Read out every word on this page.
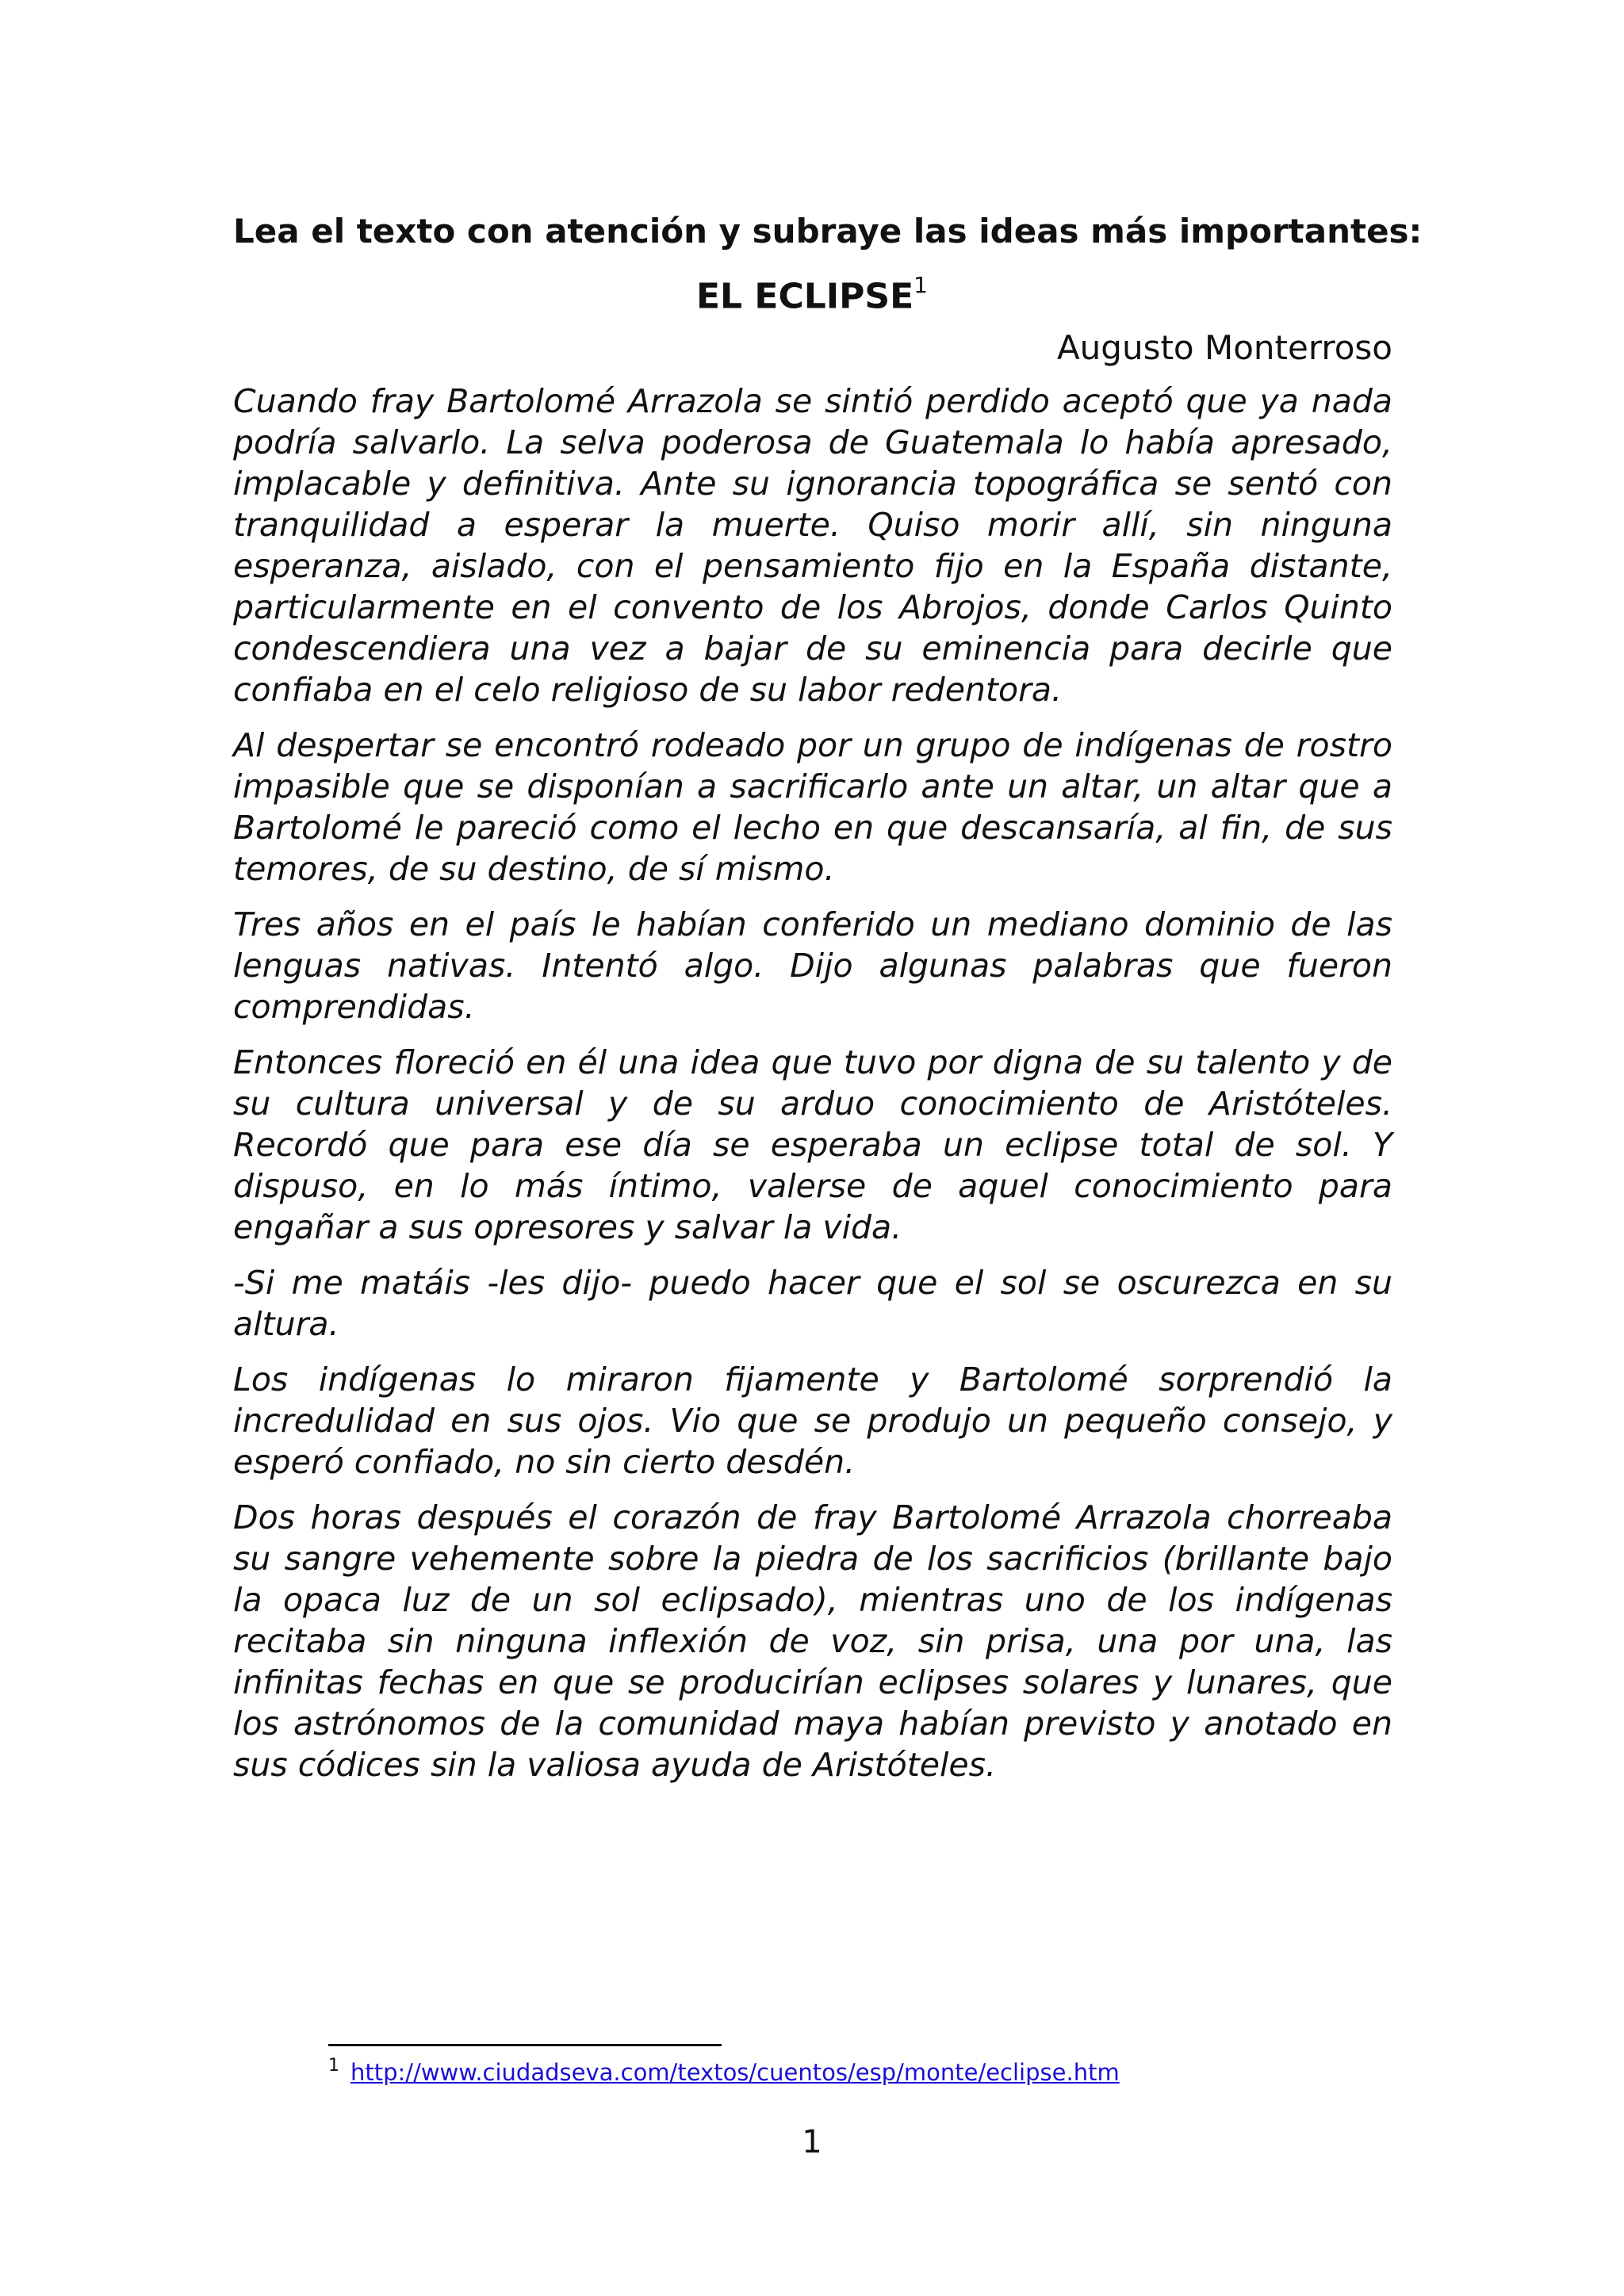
Lea el texto con atención y subraye las ideas más importantes:
EL ECLIPSE$^1$
Augusto Monterroso

Cuando fray Bartolomé Arrazola se sintió perdido aceptó que ya nada podría salvarlo. La selva poderosa de Guatemala lo había apresado, implacable y definitiva. Ante su ignorancia topográfica se sentó con tranquilidad a esperar la muerte. Quiso morir allí, sin ninguna esperanza, aislado, con el pensamiento fijo en la España distante, particularmente en el convento de los Abrojos, donde Carlos Quinto condescendiera una vez a bajar de su eminencia para decirle que confiaba en el celo religioso de su labor redentora.

Al despertar se encontró rodeado por un grupo de indígenas de rostro impasible que se disponían a sacrificarlo ante un altar, un altar que a Bartolomé le pareció como el lecho en que descansaría, al fin, de sus temores, de su destino, de sí mismo.

Tres años en el país le habían conferido un mediano dominio de las lenguas nativas. Intentó algo. Dijo algunas palabras que fueron comprendidas.

Entonces floreció en él una idea que tuvo por digna de su talento y de su cultura universal y de su arduo conocimiento de Aristóteles. Recordó que para ese día se esperaba un eclipse total de sol. Y dispuso, en lo más íntimo, valerse de aquel conocimiento para engañar a sus opresores y salvar la vida.

-Si me matáis -les dijo- puedo hacer que el sol se oscurezca en su altura.

Los indígenas lo miraron fijamente y Bartolomé sorprendió la incredulidad en sus ojos. Vio que se produjo un pequeño consejo, y esperó confiado, no sin cierto desdén.

Dos horas después el corazón de fray Bartolomé Arrazola chorreaba su sangre vehemente sobre la piedra de los sacrificios (brillante bajo la opaca luz de un sol eclipsado), mientras uno de los indígenas recitaba sin ninguna inflexión de voz, sin prisa, una por una, las infinitas fechas en que se producirían eclipses solares y lunares, que los astrónomos de la comunidad maya habían previsto y anotado en sus códices sin la valiosa ayuda de Aristóteles.

$^1$ http://www.ciudadseva.com/textos/cuentos/esp/monte/eclipse.htm
1
